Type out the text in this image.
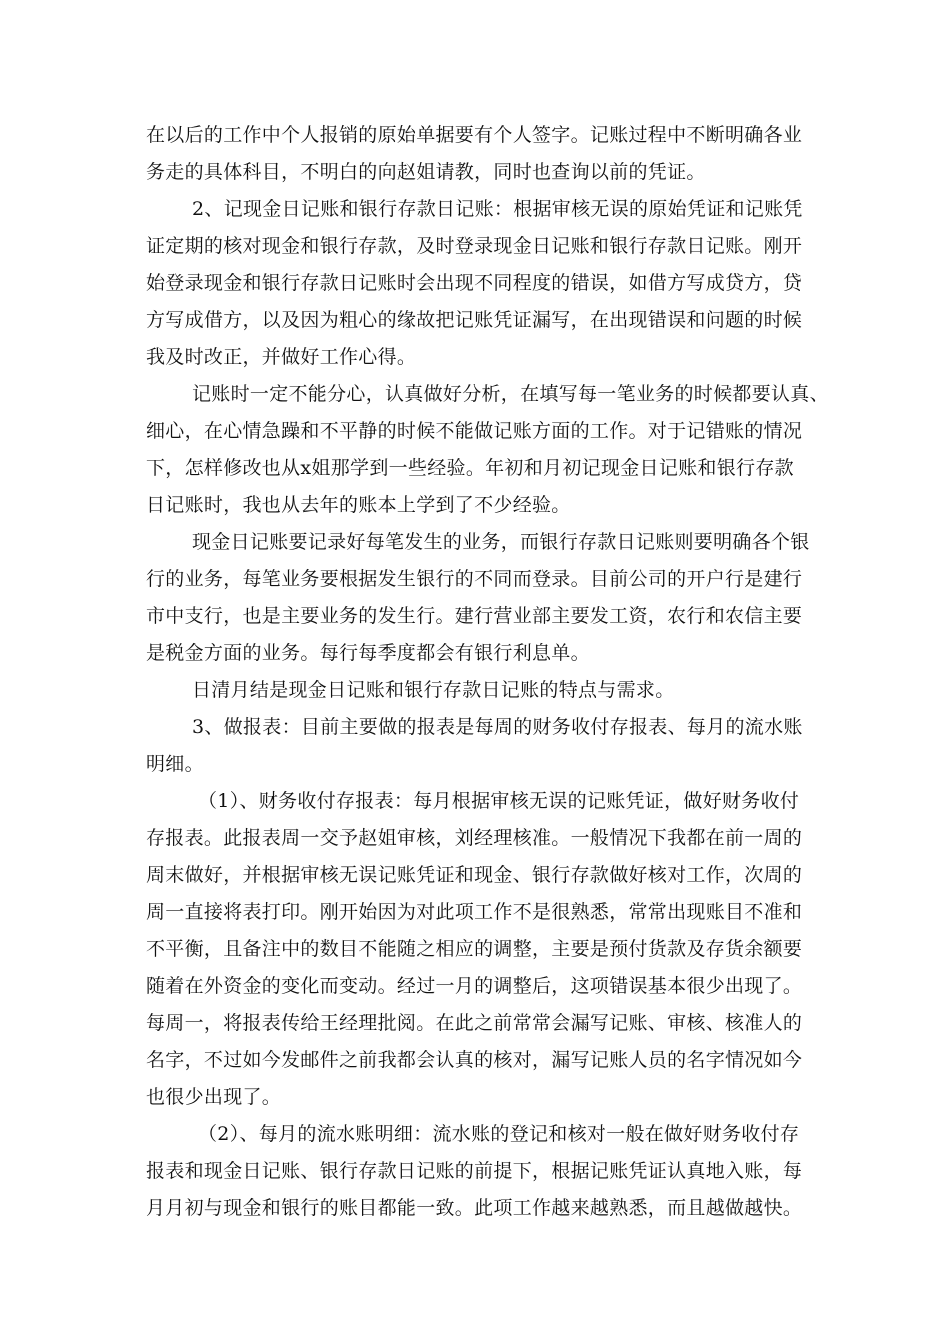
在以后的工作中个人报销的原始单据要有个人签字。记账过程中不断明确各业
务走的具体科目，不明白的向赵姐请教，同时也查询以前的凭证。
2、记现金日记账和银行存款日记账：根据审核无误的原始凭证和记账凭
证定期的核对现金和银行存款，及时登录现金日记账和银行存款日记账。刚开
始登录现金和银行存款日记账时会出现不同程度的错误，如借方写成贷方，贷
方写成借方，以及因为粗心的缘故把记账凭证漏写，在出现错误和问题的时候
我及时改正，并做好工作心得。
记账时一定不能分心，认真做好分析，在填写每一笔业务的时候都要认真、
细心，在心情急躁和不平静的时候不能做记账方面的工作。对于记错账的情况
下，怎样修改也从x姐那学到一些经验。年初和月初记现金日记账和银行存款
日记账时，我也从去年的账本上学到了不少经验。
现金日记账要记录好每笔发生的业务，而银行存款日记账则要明确各个银
行的业务，每笔业务要根据发生银行的不同而登录。目前公司的开户行是建行
市中支行，也是主要业务的发生行。建行营业部主要发工资，农行和农信主要
是税金方面的业务。每行每季度都会有银行利息单。
日清月结是现金日记账和银行存款日记账的特点与需求。
3、做报表：目前主要做的报表是每周的财务收付存报表、每月的流水账
明细。
（1）、财务收付存报表：每月根据审核无误的记账凭证，做好财务收付
存报表。此报表周一交予赵姐审核，刘经理核准。一般情况下我都在前一周的
周末做好，并根据审核无误记账凭证和现金、银行存款做好核对工作，次周的
周一直接将表打印。刚开始因为对此项工作不是很熟悉，常常出现账目不准和
不平衡，且备注中的数目不能随之相应的调整，主要是预付货款及存货余额要
随着在外资金的变化而变动。经过一月的调整后，这项错误基本很少出现了。
每周一，将报表传给王经理批阅。在此之前常常会漏写记账、审核、核准人的
名字，不过如今发邮件之前我都会认真的核对，漏写记账人员的名字情况如今
也很少出现了。
（2）、每月的流水账明细：流水账的登记和核对一般在做好财务收付存
报表和现金日记账、银行存款日记账的前提下，根据记账凭证认真地入账，每
月月初与现金和银行的账目都能一致。此项工作越来越熟悉，而且越做越快。
